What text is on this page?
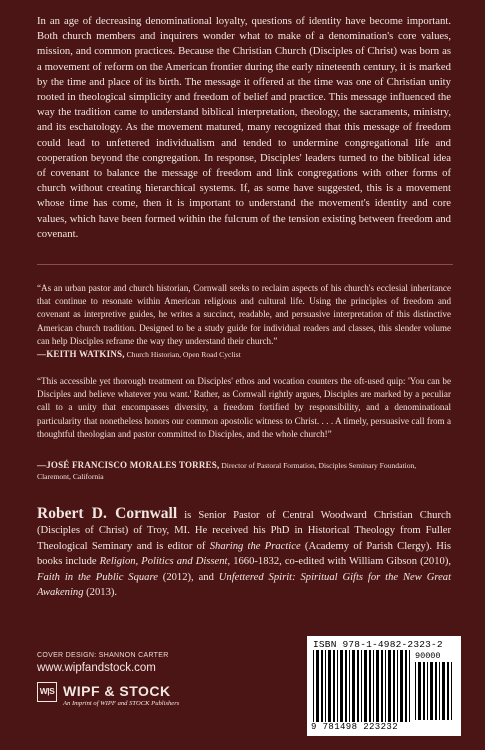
In an age of decreasing denominational loyalty, questions of identity have become important. Both church members and inquirers wonder what to make of a denomination's core values, mission, and common practices. Because the Christian Church (Disciples of Christ) was born as a movement of reform on the American frontier during the early nineteenth century, it is marked by the time and place of its birth. The message it offered at the time was one of Christian unity rooted in theological simplicity and freedom of belief and practice. This message influenced the way the tradition came to understand biblical interpretation, theology, the sacraments, ministry, and its eschatology. As the movement matured, many recognized that this message of freedom could lead to unfettered individualism and tended to undermine congregational life and cooperation beyond the congregation. In response, Disciples' leaders turned to the biblical idea of covenant to balance the message of freedom and link congregations with other forms of church without creating hierarchical systems. If, as some have suggested, this is a movement whose time has come, then it is important to understand the movement's identity and core values, which have been formed within the fulcrum of the tension existing between freedom and covenant.

“As an urban pastor and church historian, Cornwall seeks to reclaim aspects of his church's ecclesial inheritance that continue to resonate within American religious and cultural life. Using the principles of freedom and covenant as interpretive guides, he writes a succinct, readable, and persuasive interpretation of this distinctive American church tradition. Designed to be a study guide for individual readers and classes, this slender volume can help Disciples reframe the way they understand their church.”

—KEITH WATKINS, Church Historian, Open Road Cyclist

“This accessible yet thorough treatment on Disciples' ethos and vocation counters the oft-used quip: 'You can be Disciples and believe whatever you want.' Rather, as Cornwall rightly argues, Disciples are marked by a peculiar call to a unity that encompasses diversity, a freedom fortified by responsibility, and a denominational particularity that nonetheless honors our common apostolic witness to Christ. . . . A timely, persuasive call from a thoughtful theologian and pastor committed to Disciples, and the whole church!”

—JOSÉ FRANCISCO MORALES TORRES, Director of Pastoral Formation, Disciples Seminary Foundation, Claremont, California

Robert D. Cornwall is Senior Pastor of Central Woodward Christian Church (Disciples of Christ) of Troy, MI. He received his PhD in Historical Theology from Fuller Theological Seminary and is editor of Sharing the Practice (Academy of Parish Clergy). His books include Religion, Politics and Dissent, 1660-1832, co-edited with William Gibson (2010), Faith in the Public Square (2012), and Unfettered Spirit: Spiritual Gifts for the New Great Awakening (2013).

COVER DESIGN: SHANNON CARTER
www.wipfandstock.com
W|S WIPF & STOCK
An Imprint of WIPF and STOCK Publishers
ISBN 978-1-4982-2323-2
90000
9 781498 223232
